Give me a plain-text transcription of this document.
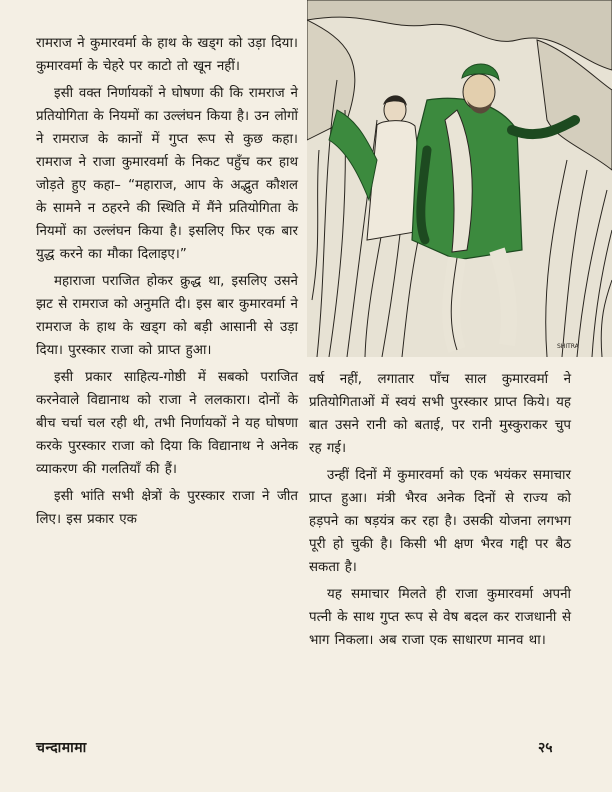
रामराज ने कुमारवर्मा के हाथ के खड्ग को उड़ा दिया। कुमारवर्मा के चेहरे पर काटो तो खून नहीं।

इसी वक्त निर्णायकों ने घोषणा की कि रामराज ने प्रतियोगिता के नियमों का उल्लंघन किया है। उन लोगों ने रामराज के कानों में गुप्त रूप से कुछ कहा। रामराज ने राजा कुमारवर्मा के निकट पहुँच कर हाथ जोड़ते हुए कहा– “महाराज, आप के अद्भुत कौशल के सामने न ठहरने की स्थिति में मैंने प्रतियोगिता के नियमों का उल्लंघन किया है। इसलिए फिर एक बार युद्ध करने का मौका दिलाइए।”

महाराजा पराजित होकर क्रुद्ध था, इसलिए उसने झट से रामराज को अनुमति दी। इस बार कुमारवर्मा ने रामराज के हाथ के खड्ग को बड़ी आसानी से उड़ा दिया। पुरस्कार राजा को प्राप्त हुआ।

इसी प्रकार साहित्य-गोष्ठी में सबको पराजित करनेवाले विद्यानाथ को राजा ने ललकारा। दोनों के बीच चर्चा चल रही थी, तभी निर्णायकों ने यह घोषणा करके पुरस्कार राजा को दिया कि विद्यानाथ ने अनेक व्याकरण की गलतियाँ की हैं।

इसी भांति सभी क्षेत्रों के पुरस्कार राजा ने जीत लिए। इस प्रकार एक

SHITRA

वर्ष नहीं, लगातार पाँच साल कुमारवर्मा ने प्रतियोगिताओं में स्वयं सभी पुरस्कार प्राप्त किये। यह बात उसने रानी को बताई, पर रानी मुस्कुराकर चुप रह गई।

उन्हीं दिनों में कुमारवर्मा को एक भयंकर समाचार प्राप्त हुआ। मंत्री भैरव अनेक दिनों से राज्य को हड़पने का षड़यंत्र कर रहा है। उसकी योजना लगभग पूरी हो चुकी है। किसी भी क्षण भैरव गद्दी पर बैठ सकता है।

यह समाचार मिलते ही राजा कुमारवर्मा अपनी पत्नी के साथ गुप्त रूप से वेष बदल कर राजधानी से भाग निकला। अब राजा एक साधारण मानव था।

चन्दामामा	२५
